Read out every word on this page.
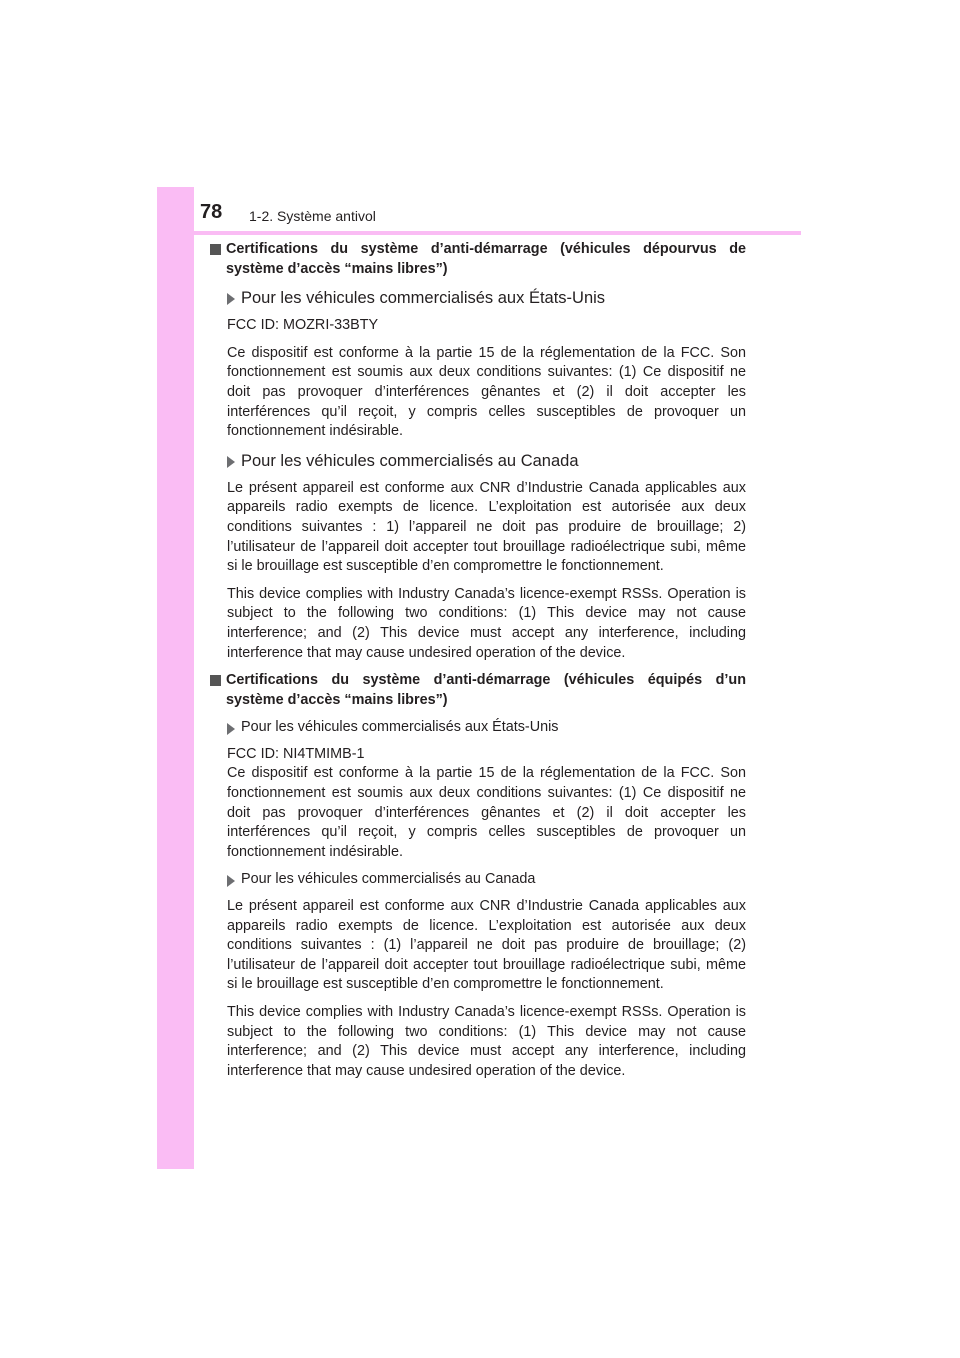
78 1-2. Système antivol
Certifications du système d’anti-démarrage (véhicules dépourvus de système d’accès “mains libres”)
Pour les véhicules commercialisés aux États-Unis

FCC ID: MOZRI-33BTY

Ce dispositif est conforme à la partie 15 de la réglementation de la FCC. Son fonctionnement est soumis aux deux conditions suivantes: (1) Ce dispositif ne doit pas provoquer d’interférences gênantes et (2) il doit accepter les interférences qu’il reçoit, y compris celles susceptibles de provoquer un fonctionnement indésirable.

Pour les véhicules commercialisés au Canada

Le présent appareil est conforme aux CNR d’Industrie Canada applicables aux appareils radio exempts de licence. L’exploitation est autorisée aux deux conditions suivantes : 1) l’appareil ne doit pas produire de brouillage; 2) l’utilisateur de l’appareil doit accepter tout brouillage radioélectrique subi, même si le brouillage est susceptible d’en compromettre le fonctionnement.

This device complies with Industry Canada’s licence-exempt RSSs. Operation is subject to the following two conditions: (1) This device may not cause interference; and (2) This device must accept any interference, including interference that may cause undesired operation of the device.

Certifications du système d’anti-démarrage (véhicules équipés d’un système d’accès “mains libres”)
Pour les véhicules commercialisés aux États-Unis

FCC ID: NI4TMIMB-1
Ce dispositif est conforme à la partie 15 de la réglementation de la FCC. Son fonctionnement est soumis aux deux conditions suivantes: (1) Ce dispositif ne doit pas provoquer d’interférences gênantes et (2) il doit accepter les interférences qu’il reçoit, y compris celles susceptibles de provoquer un fonctionnement indésirable.

Pour les véhicules commercialisés au Canada

Le présent appareil est conforme aux CNR d’Industrie Canada applicables aux appareils radio exempts de licence. L’exploitation est autorisée aux deux conditions suivantes : (1) l’appareil ne doit pas produire de brouillage; (2) l’utilisateur de l’appareil doit accepter tout brouillage radioélectrique subi, même si le brouillage est susceptible d’en compromettre le fonctionnement.

This device complies with Industry Canada’s licence-exempt RSSs. Operation is subject to the following two conditions: (1) This device may not cause interference; and (2) This device must accept any interference, including interference that may cause undesired operation of the device.
